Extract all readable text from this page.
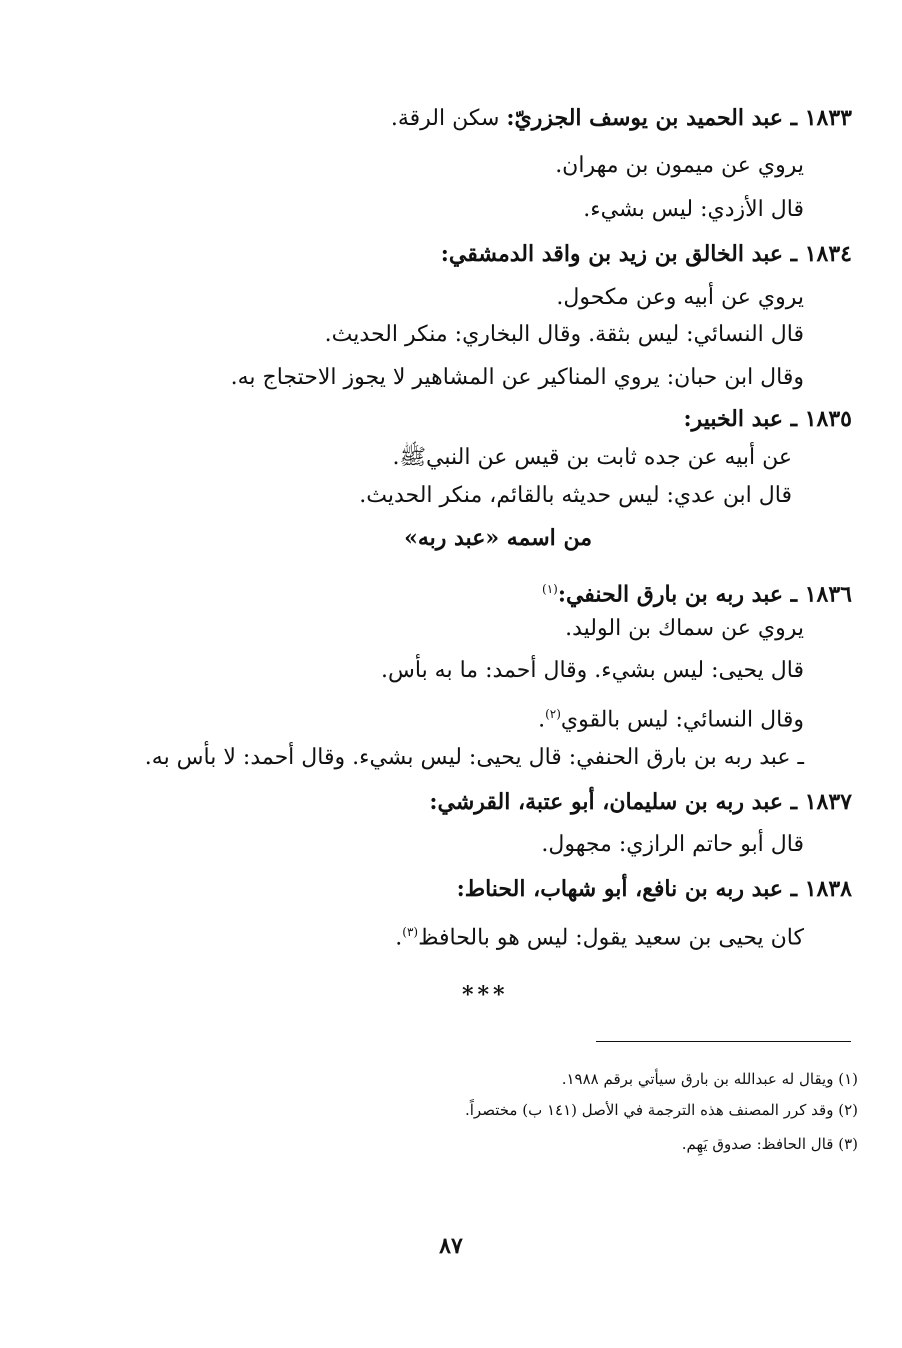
١٨٣٣ ـ عبد الحميد بن يوسف الجزريّ: سكن الرقة.
يروي عن ميمون بن مهران.
قال الأزدي: ليس بشيء.
١٨٣٤ ـ عبد الخالق بن زيد بن واقد الدمشقي:
يروي عن أبيه وعن مكحول.
قال النسائي: ليس بثقة. وقال البخاري: منكر الحديث.
وقال ابن حبان: يروي المناكير عن المشاهير لا يجوز الاحتجاج به.
١٨٣٥ ـ عبد الخبير:
عن أبيه عن جده ثابت بن قيس عن النبيﷺ.
قال ابن عدي: ليس حديثه بالقائم، منكر الحديث.
من اسمه «عبد ربه»
١٨٣٦ ـ عبد ربه بن بارق الحنفي:$^{(١)}$
يروي عن سماك بن الوليد.
قال يحيى: ليس بشيء. وقال أحمد: ما به بأس.
وقال النسائي: ليس بالقوي$^{(٢)}$.
ـ عبد ربه بن بارق الحنفي: قال يحيى: ليس بشيء. وقال أحمد: لا بأس به.
١٨٣٧ ـ عبد ربه بن سليمان، أبو عتبة، القرشي:
قال أبو حاتم الرازي: مجهول.
١٨٣٨ ـ عبد ربه بن نافع، أبو شهاب، الحناط:
كان يحيى بن سعيد يقول: ليس هو بالحافظ$^{(٣)}$.
***
(١) ويقال له عبدالله بن بارق سيأتي برقم ١٩٨٨.
(٢) وقد كرر المصنف هذه الترجمة في الأصل (١٤١ ب) مختصراً.
(٣) قال الحافظ: صدوق يَهِم.
٨٧
